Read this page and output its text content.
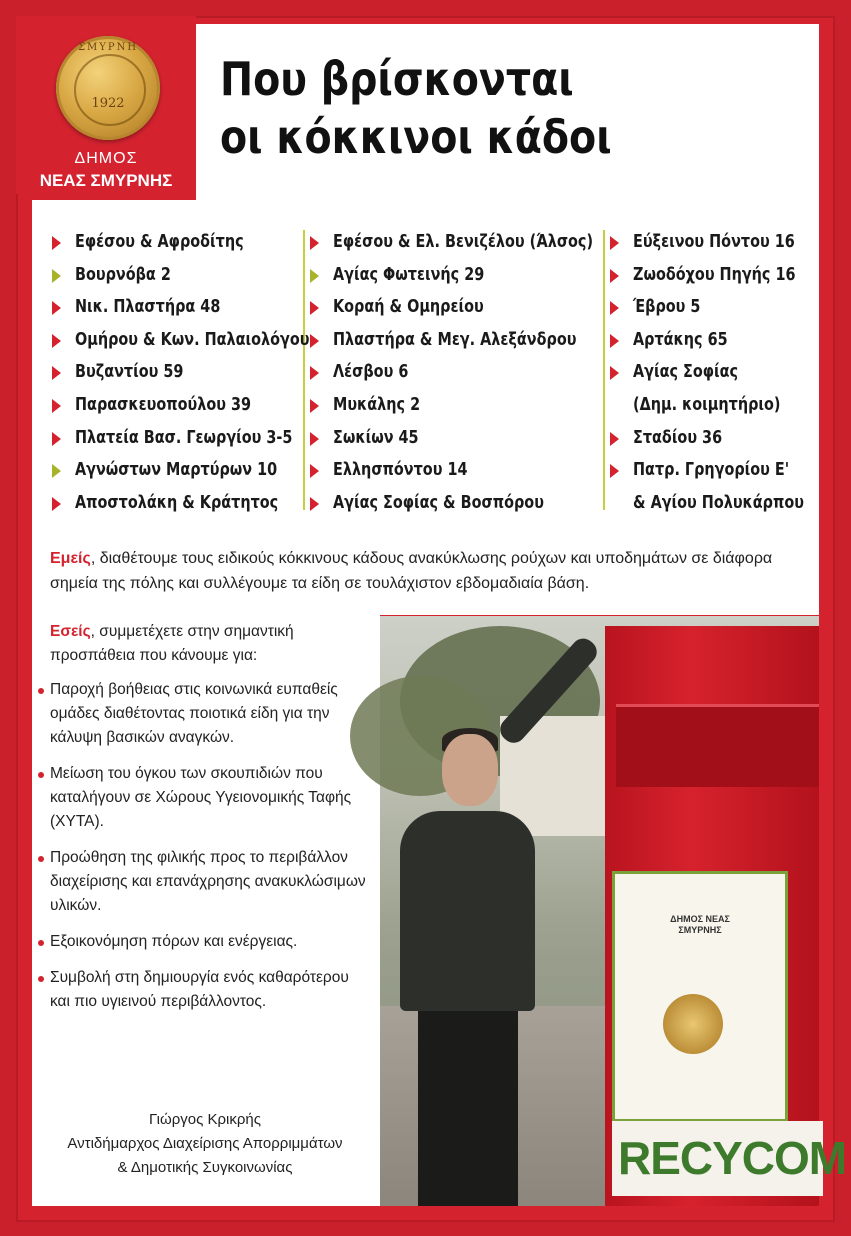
ΣΜΥΡΝΗ
1922
ΔΗΜΟΣ
ΝΕΑΣ ΣΜΥΡΝΗΣ
Που βρίσκονται
οι κόκκινοι κάδοι
Εφέσου & Αφροδίτης
Βουρνόβα 2
Νικ. Πλαστήρα 48
Ομήρου & Κων. Παλαιολόγου
Βυζαντίου 59
Παρασκευοπούλου 39
Πλατεία Βασ. Γεωργίου 3-5
Αγνώστων Μαρτύρων 10
Αποστολάκη & Κράτητος
Εφέσου & Ελ. Βενιζέλου (Άλσος)
Αγίας Φωτεινής 29
Κοραή & Ομηρείου
Πλαστήρα & Μεγ. Αλεξάνδρου
Λέσβου 6
Μυκάλης 2
Σωκίων 45
Ελλησπόντου 14
Αγίας Σοφίας & Βοσπόρου
Εύξεινου Πόντου 16
Ζωοδόχου Πηγής 16
Έβρου 5
Αρτάκης 65
Αγίας Σοφίας
(Δημ. κοιμητήριο)
Σταδίου 36
Πατρ. Γρηγορίου Ε'
& Αγίου Πολυκάρπου
Εμείς, διαθέτουμε τους ειδικούς κόκκινους κάδους ανακύκλωσης ρούχων και υποδημάτων σε διάφορα σημεία της πόλης και συλλέγουμε τα είδη σε τουλάχιστον εβδομαδιαία βάση.
Εσείς, συμμετέχετε στην σημαντική προσπάθεια που κάνουμε για:
Παροχή βοήθειας στις κοινωνικά ευπαθείς ομάδες διαθέτοντας ποιοτικά είδη για την κάλυψη βασικών αναγκών.
Μείωση του όγκου των σκουπιδιών που καταλήγουν σε Χώρους Υγειονομικής Ταφής (ΧΥΤΑ).
Προώθηση της φιλικής προς το περιβάλλον διαχείρισης και επανάχρησης ανακυκλώσιμων υλικών.
Εξοικονόμηση πόρων και ενέργειας.
Συμβολή στη δημιουργία ενός καθαρότερου και πιο υγιεινού περιβάλλοντος.
Γιώργος Κρικρής
Αντιδήμαρχος Διαχείρισης Απορριμμάτων
& Δημοτικής Συγκοινωνίας
ΔΗΜΟΣ ΝΕΑΣ ΣΜΥΡΝΗΣ
RECYCOM
